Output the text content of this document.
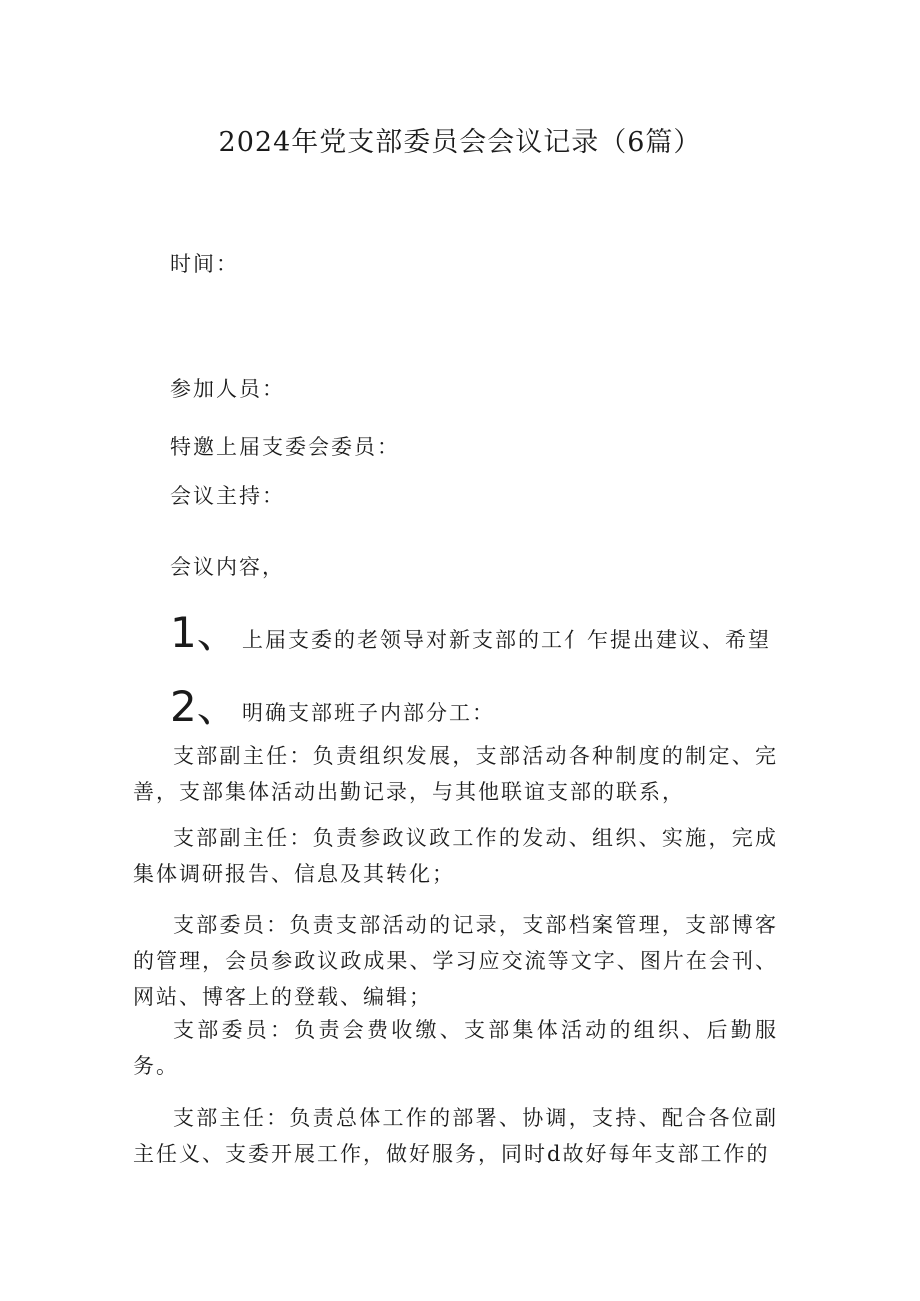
2024年党支部委员会会议记录（6篇）
时间：
参加人员：
特邀上届支委会委员：
会议主持：
会议内容，
1、 上届支委的老领导对新支部的工亻乍提出建议、希望
2、 明确支部班子内部分工：
支部副主任：负责组织发展，支部活动各种制度的制定、完善，支部集体活动出勤记录，与其他联谊支部的联系，
支部副主任：负责参政议政工作的发动、组织、实施，完成集体调研报告、信息及其转化；
支部委员：负责支部活动的记录，支部档案管理，支部博客的管理，会员参政议政成果、学习应交流等文字、图片在会刊、网站、博客上的登载、编辑；
支部委员：负责会费收缴、支部集体活动的组织、后勤服务。
支部主任：负责总体工作的部署、协调，支持、配合各位副主任义、支委开展工作，做好服务，同时d故好每年支部工作的
